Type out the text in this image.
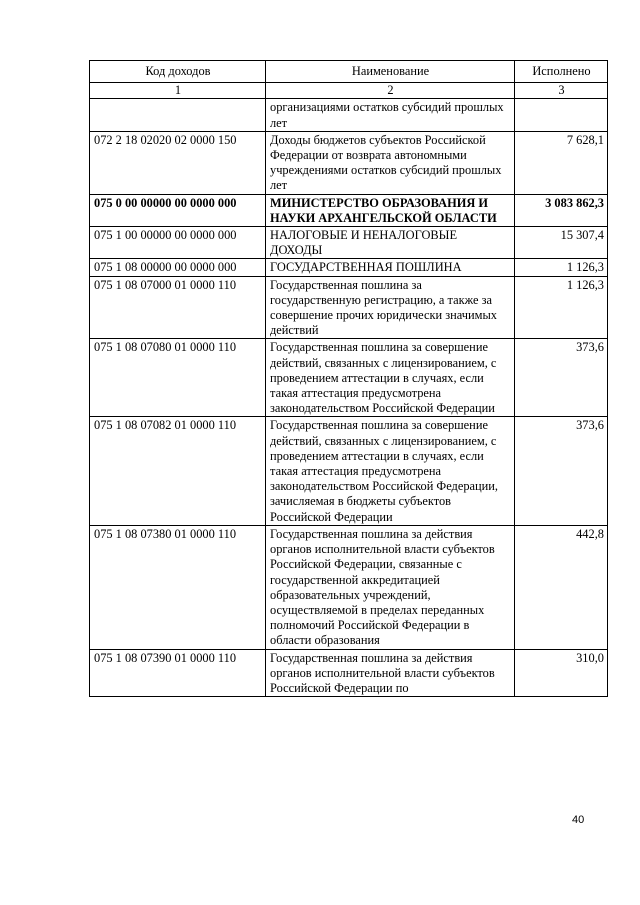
Код доходов	Наименование	Исполнено
1	2	3
	организациями остатков субсидий прошлых лет	
072 2 18 02020 02 0000 150	Доходы бюджетов субъектов Российской Федерации от возврата автономными учреждениями остатков субсидий прошлых лет	7 628,1
075 0 00 00000 00 0000 000	МИНИСТЕРСТВО ОБРАЗОВАНИЯ И НАУКИ АРХАНГЕЛЬСКОЙ ОБЛАСТИ	3 083 862,3
075 1 00 00000 00 0000 000	НАЛОГОВЫЕ И НЕНАЛОГОВЫЕ ДОХОДЫ	15 307,4
075 1 08 00000 00 0000 000	ГОСУДАРСТВЕННАЯ ПОШЛИНА	1 126,3
075 1 08 07000 01 0000 110	Государственная пошлина за государственную регистрацию, а также за совершение прочих юридически значимых действий	1 126,3
075 1 08 07080 01 0000 110	Государственная пошлина за совершение действий, связанных с лицензированием, с проведением аттестации в случаях, если такая аттестация предусмотрена законодательством Российской Федерации	373,6
075 1 08 07082 01 0000 110	Государственная пошлина за совершение действий, связанных с лицензированием, с проведением аттестации в случаях, если такая аттестация предусмотрена законодательством Российской Федерации, зачисляемая в бюджеты субъектов Российской Федерации	373,6
075 1 08 07380 01 0000 110	Государственная пошлина за действия органов исполнительной власти субъектов Российской Федерации, связанные с государственной аккредитацией образовательных учреждений, осуществляемой в пределах переданных полномочий Российской Федерации в области образования	442,8
075 1 08 07390 01 0000 110	Государственная пошлина за действия органов исполнительной власти субъектов Российской Федерации по	310,0
40
